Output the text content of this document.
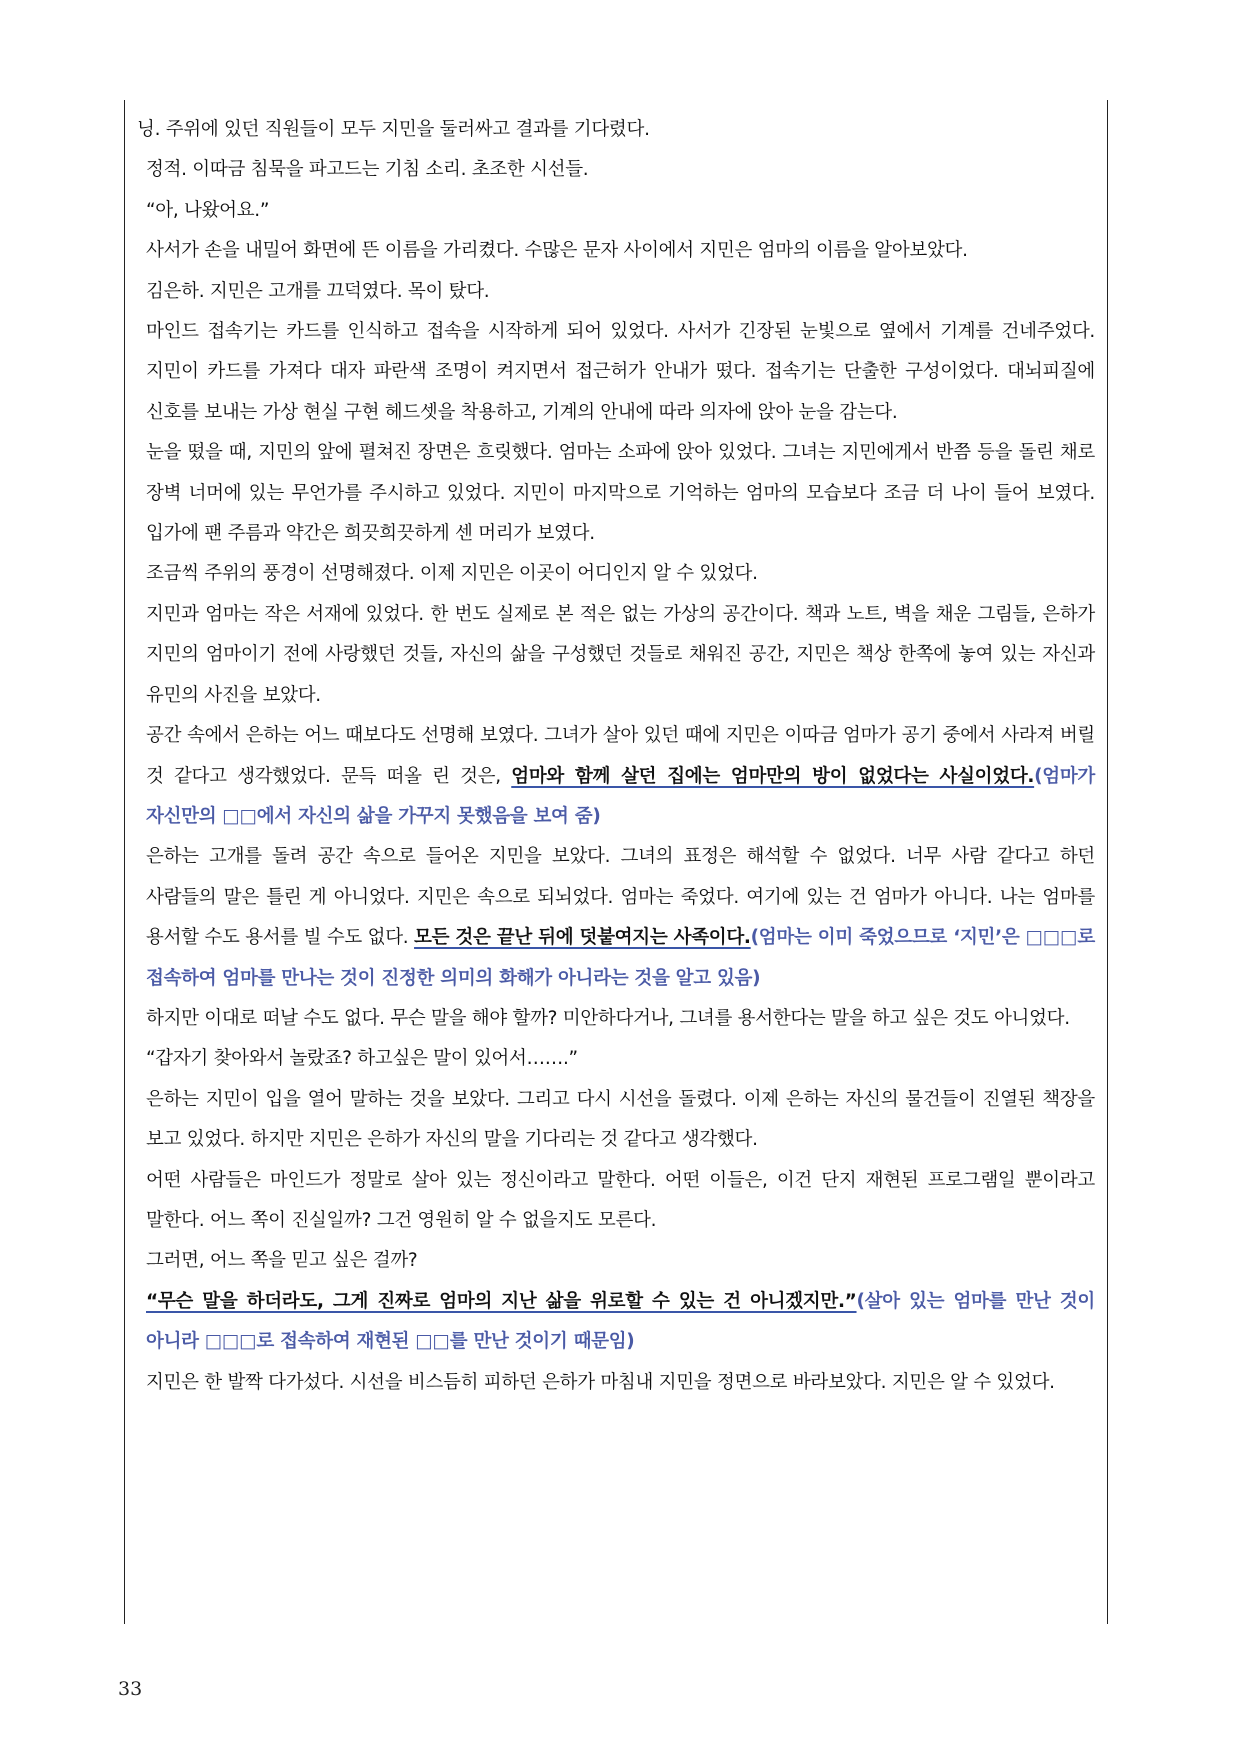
닝. 주위에 있던 직원들이 모두 지민을 둘러싸고 결과를 기다렸다.

정적. 이따금 침묵을 파고드는 기침 소리. 초조한 시선들.

“아, 나왔어요.”

사서가 손을 내밀어 화면에 뜬 이름을 가리켰다. 수많은 문자 사이에서 지민은 엄마의 이름을 알아보았다.

김은하. 지민은 고개를 끄덕였다. 목이 탔다.

마인드 접속기는 카드를 인식하고 접속을 시작하게 되어 있었다. 사서가 긴장된 눈빛으로 옆에서 기계를 건네주었다. 지민이 카드를 가져다 대자 파란색 조명이 켜지면서 접근허가 안내가 떴다. 접속기는 단출한 구성이었다. 대뇌피질에 신호를 보내는 가상 현실 구현 헤드셋을 착용하고, 기계의 안내에 따라 의자에 앉아 눈을 감는다.

눈을 떴을 때, 지민의 앞에 펼쳐진 장면은 흐릿했다. 엄마는 소파에 앉아 있었다. 그녀는 지민에게서 반쯤 등을 돌린 채로 장벽 너머에 있는 무언가를 주시하고 있었다. 지민이 마지막으로 기억하는 엄마의 모습보다 조금 더 나이 들어 보였다. 입가에 팬 주름과 약간은 희끗희끗하게 센 머리가 보였다.

조금씩 주위의 풍경이 선명해졌다. 이제 지민은 이곳이 어디인지 알 수 있었다.

지민과 엄마는 작은 서재에 있었다. 한 번도 실제로 본 적은 없는 가상의 공간이다. 책과 노트, 벽을 채운 그림들, 은하가 지민의 엄마이기 전에 사랑했던 것들, 자신의 삶을 구성했던 것들로 채워진 공간, 지민은 책상 한쪽에 놓여 있는 자신과 유민의 사진을 보았다.

공간 속에서 은하는 어느 때보다도 선명해 보였다. 그녀가 살아 있던 때에 지민은 이따금 엄마가 공기 중에서 사라져 버릴 것 같다고 생각했었다. 문득 떠올 린 것은, 엄마와 함께 살던 집에는 엄마만의 방이 없었다는 사실이었다.(엄마가 자신만의 □□에서 자신의 삶을 가꾸지 못했음을 보여 줌)

은하는 고개를 돌려 공간 속으로 들어온 지민을 보았다. 그녀의 표정은 해석할 수 없었다. 너무 사람 같다고 하던 사람들의 말은 틀린 게 아니었다. 지민은 속으로 되뇌었다. 엄마는 죽었다. 여기에 있는 건 엄마가 아니다. 나는 엄마를 용서할 수도 용서를 빌 수도 없다. 모든 것은 끝난 뒤에 덧붙여지는 사족이다.(엄마는 이미 죽었으므로 ‘지민’은 □□□로 접속하여 엄마를 만나는 것이 진정한 의미의 화해가 아니라는 것을 알고 있음)

하지만 이대로 떠날 수도 없다. 무슨 말을 해야 할까? 미안하다거나, 그녀를 용서한다는 말을 하고 싶은 것도 아니었다.

“갑자기 찾아와서 놀랐죠? 하고싶은 말이 있어서…….”

은하는 지민이 입을 열어 말하는 것을 보았다. 그리고 다시 시선을 돌렸다. 이제 은하는 자신의 물건들이 진열된 책장을 보고 있었다. 하지만 지민은 은하가 자신의 말을 기다리는 것 같다고 생각했다.

어떤 사람들은 마인드가 정말로 살아 있는 정신이라고 말한다. 어떤 이들은, 이건 단지 재현된 프로그램일 뿐이라고 말한다. 어느 쪽이 진실일까? 그건 영원히 알 수 없을지도 모른다.

그러면, 어느 쪽을 믿고 싶은 걸까?

“무슨 말을 하더라도, 그게 진짜로 엄마의 지난 삶을 위로할 수 있는 건 아니겠지만.”(살아 있는 엄마를 만난 것이 아니라 □□□로 접속하여 재현된 □□를 만난 것이기 때문임)

지민은 한 발짝 다가섰다. 시선을 비스듬히 피하던 은하가 마침내 지민을 정면으로 바라보았다. 지민은 알 수 있었다.

33
